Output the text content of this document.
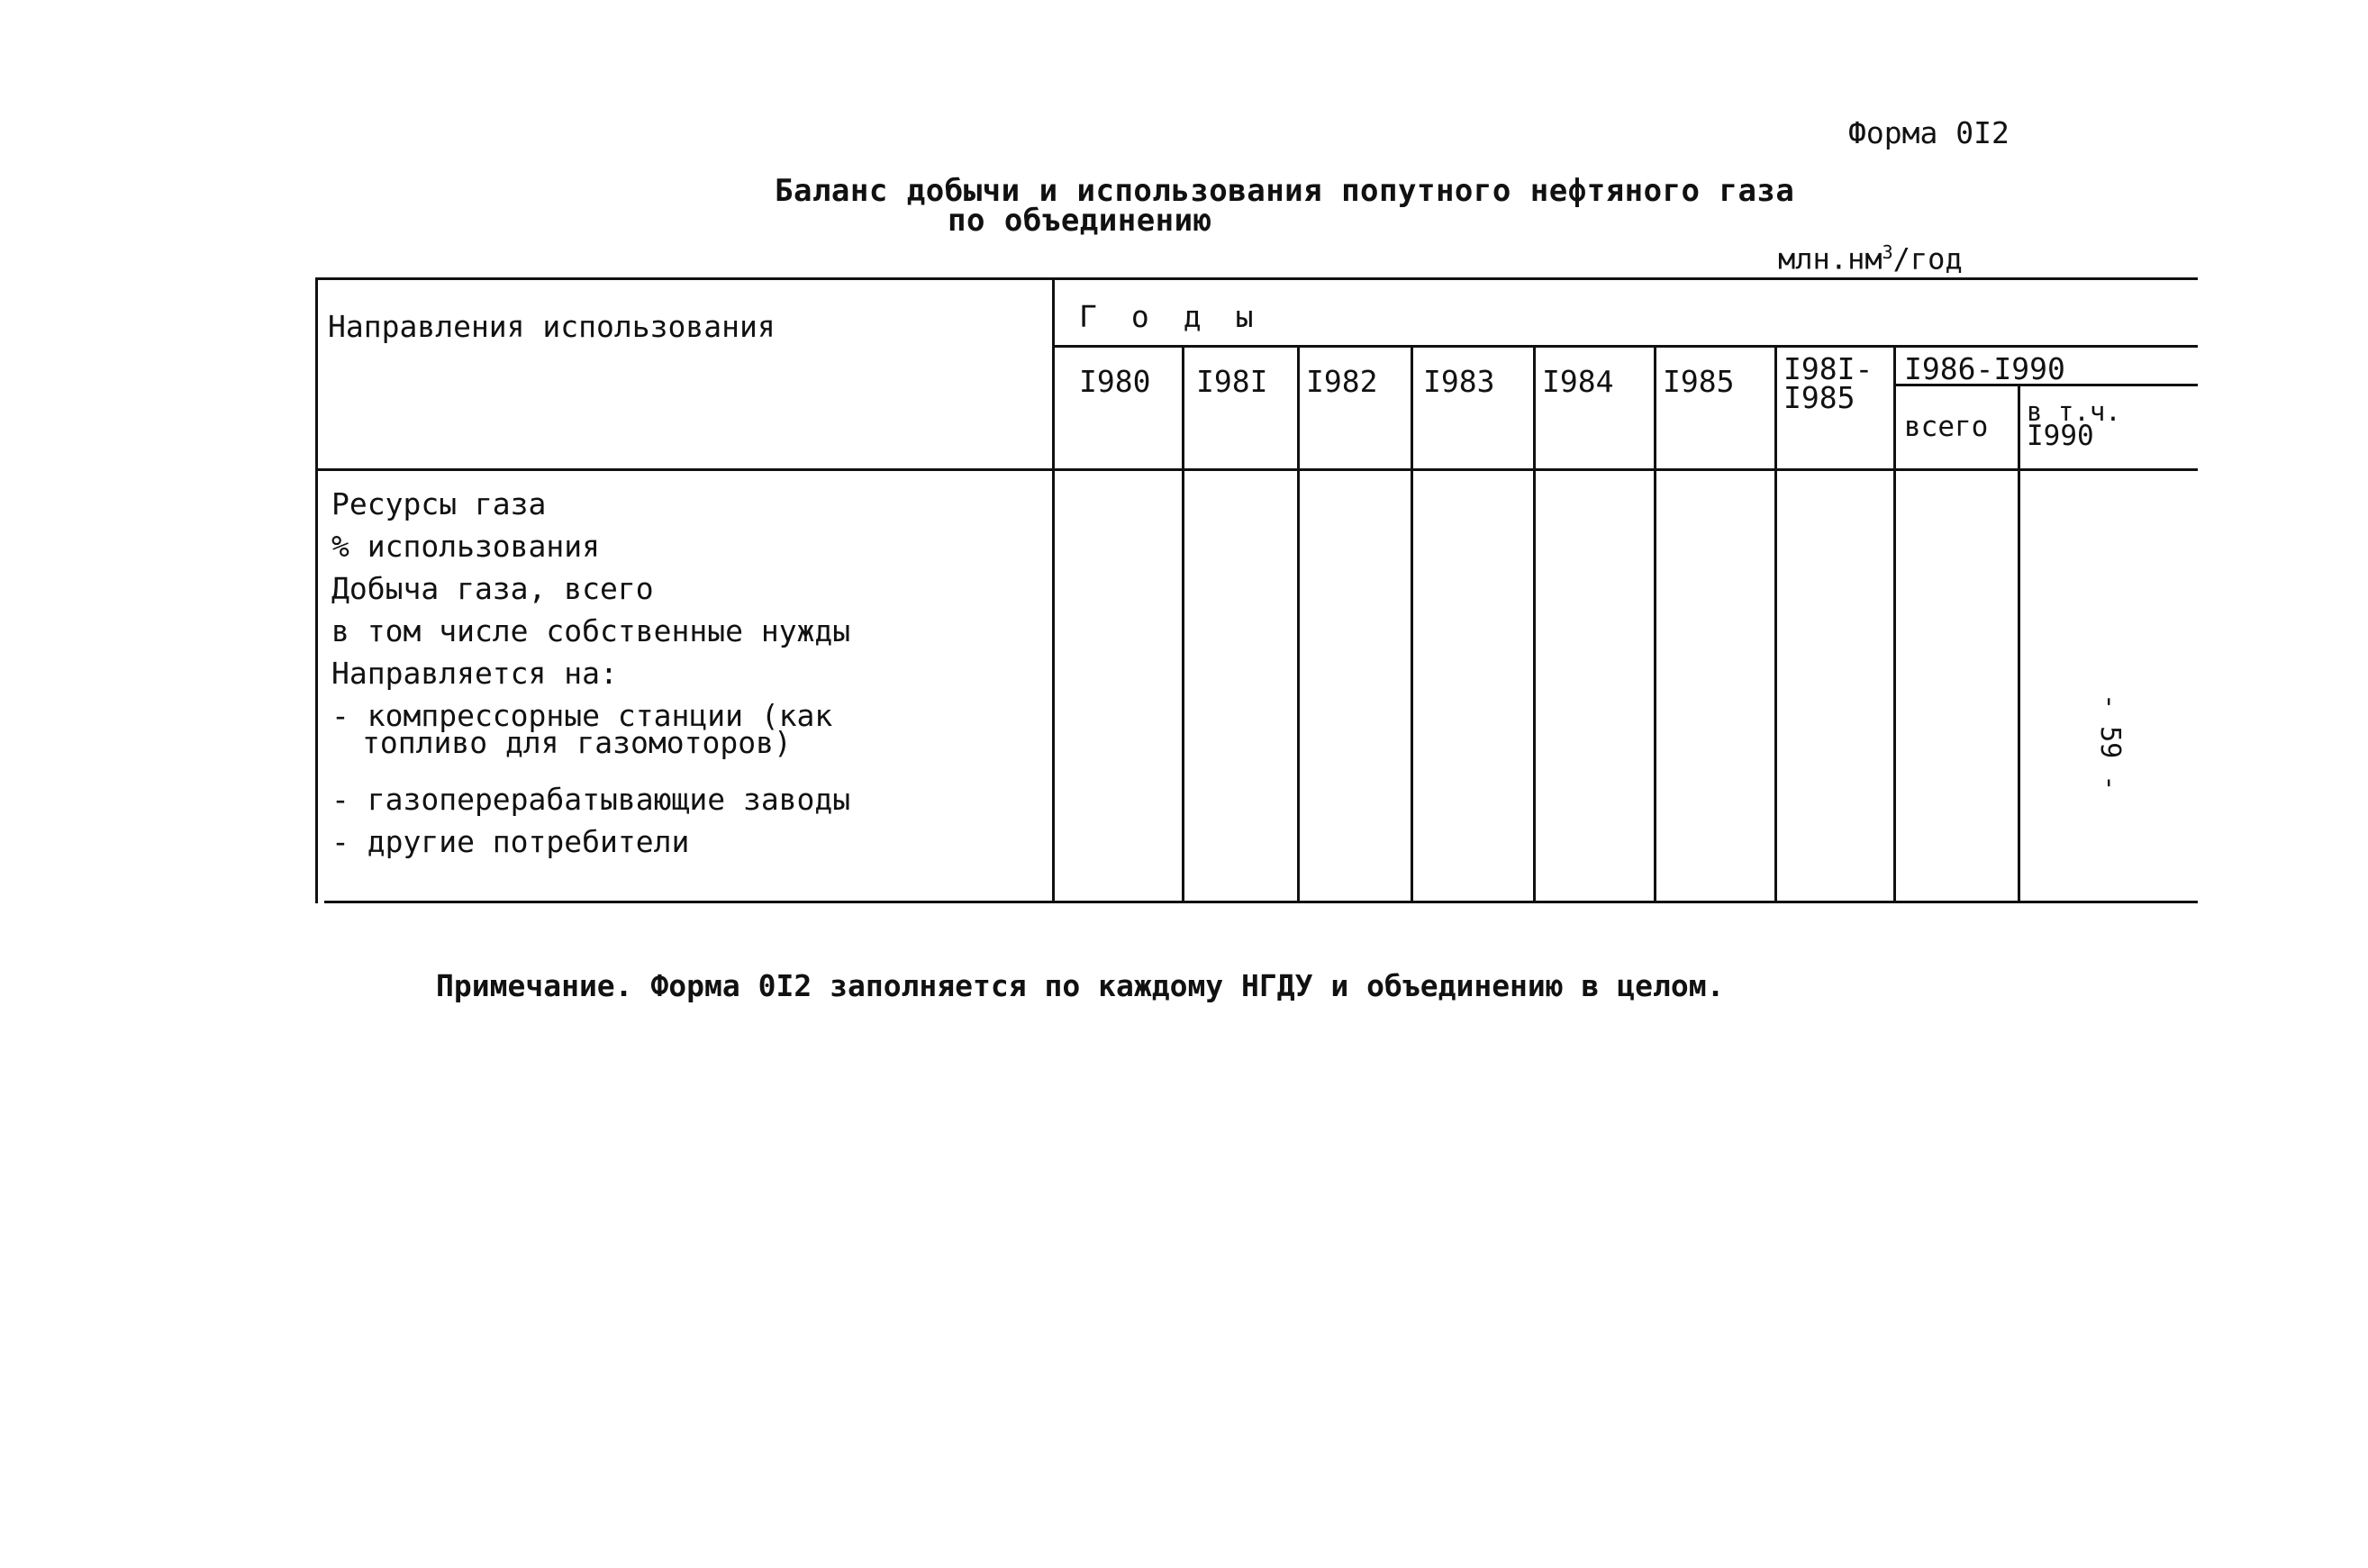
Форма 0I2
Баланс добычи и использования попутного нефтяного газа
по объединению
$млн.нм^3$/год
Направления использования	Годы
I980 I98I I982 I983 I984 I985 I98I-
I985
I986-I990
всего в т.ч.
I990
Ресурсы газа
% использования
Добыча газа, всего
в том числе собственные нужды
Направляется на:
- компрессорные станции (как
топливо для газомоторов)
- газоперерабатывающие заводы
- другие потребители
- 59 -
Примечание. Форма 0I2 заполняется по каждому НГДУ и объединению в целом.
